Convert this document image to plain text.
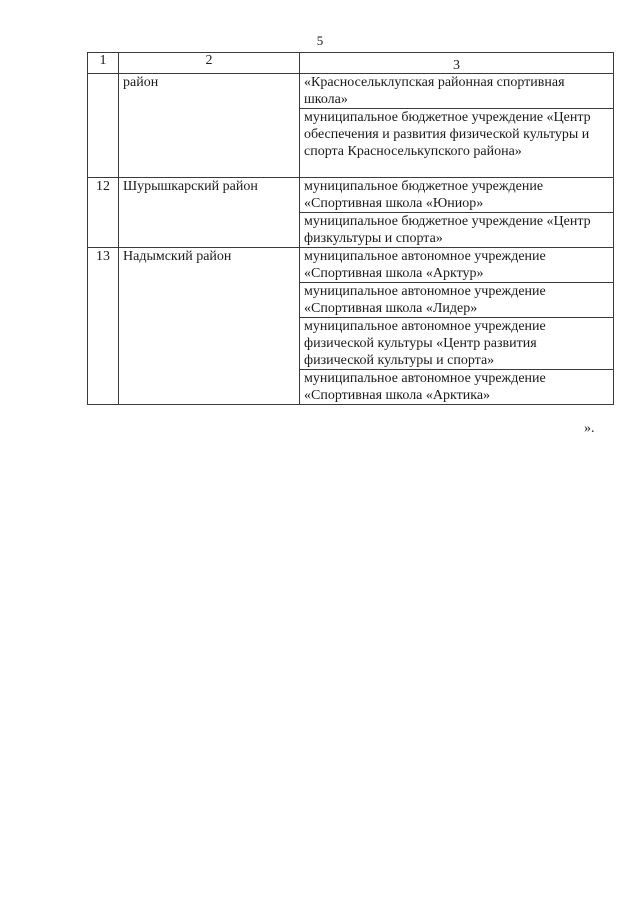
5
1	2	3
	район	«Красносельклупская районная спортивная школа»
		муниципальное бюджетное учреждение «Центр обеспечения и развития физической культуры и спорта Красноселькупского района»
12	Шурышкарский район	муниципальное бюджетное учреждение «Спортивная школа «Юниор»
		муниципальное бюджетное учреждение «Центр физкультуры и спорта»
13	Надымский район	муниципальное автономное учреждение «Спортивная школа «Арктур»
		муниципальное автономное учреждение «Спортивная школа «Лидер»
		муниципальное автономное учреждение физической культуры «Центр развития физической культуры и спорта»
		муниципальное автономное учреждение «Спортивная школа «Арктика»
».
